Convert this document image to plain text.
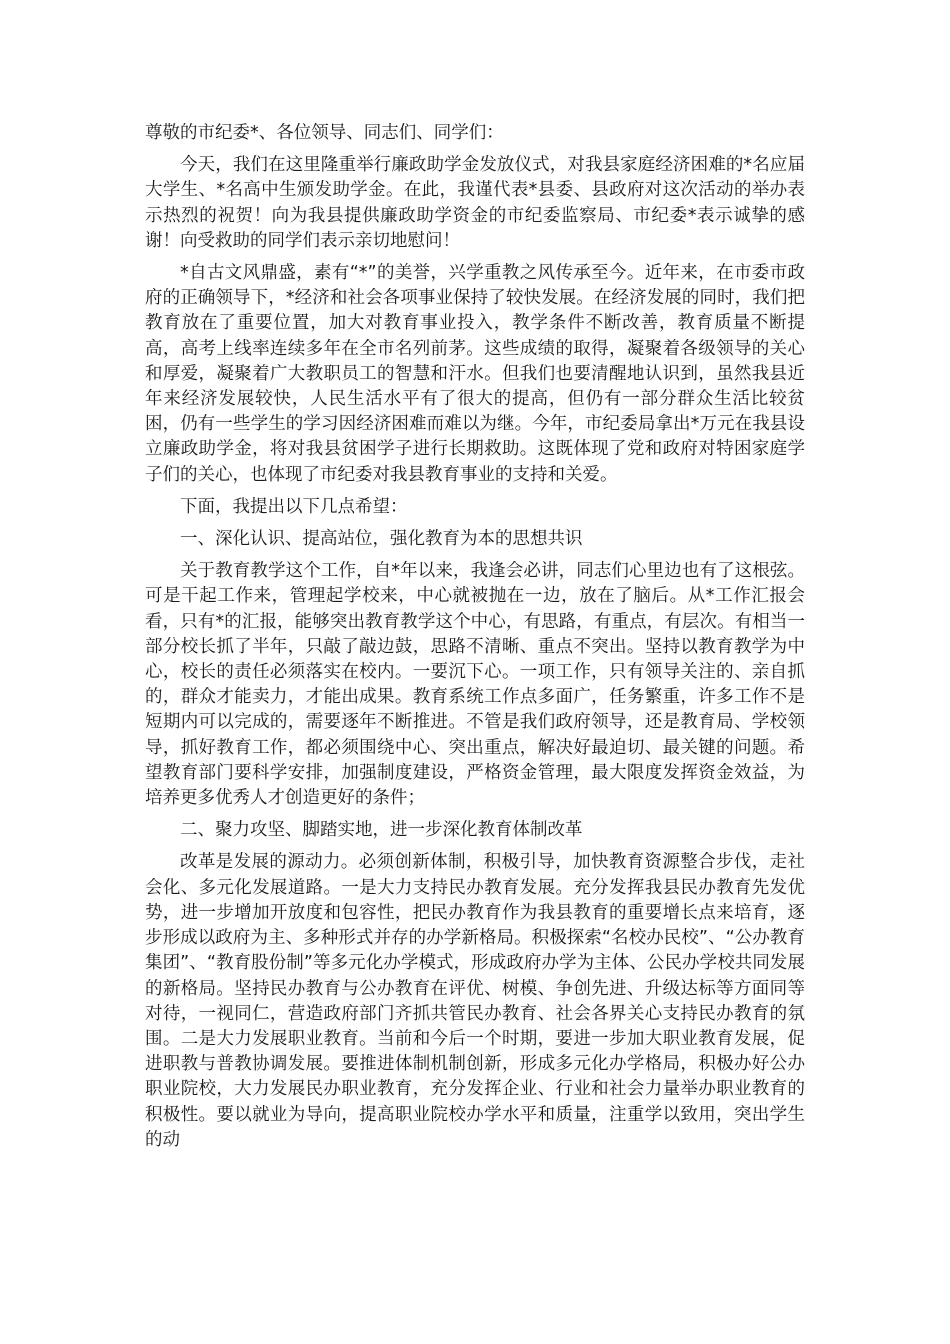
尊敬的市纪委*、各位领导、同志们、同学们：

今天，我们在这里隆重举行廉政助学金发放仪式，对我县家庭经济困难的*名应届大学生、*名高中生颁发助学金。在此，我谨代表*县委、县政府对这次活动的举办表示热烈的祝贺！向为我县提供廉政助学资金的市纪委监察局、市纪委*表示诚挚的感谢！向受救助的同学们表示亲切地慰问！

*自古文风鼎盛，素有“*”的美誉，兴学重教之风传承至今。近年来，在市委市政府的正确领导下，*经济和社会各项事业保持了较快发展。在经济发展的同时，我们把教育放在了重要位置，加大对教育事业投入，教学条件不断改善，教育质量不断提高，高考上线率连续多年在全市名列前茅。这些成绩的取得，凝聚着各级领导的关心和厚爱，凝聚着广大教职员工的智慧和汗水。但我们也要清醒地认识到，虽然我县近年来经济发展较快，人民生活水平有了很大的提高，但仍有一部分群众生活比较贫困，仍有一些学生的学习因经济困难而难以为继。今年，市纪委局拿出*万元在我县设立廉政助学金，将对我县贫困学子进行长期救助。这既体现了党和政府对特困家庭学子们的关心，也体现了市纪委对我县教育事业的支持和关爱。

下面，我提出以下几点希望：

一、深化认识、提高站位，强化教育为本的思想共识

关于教育教学这个工作，自*年以来，我逢会必讲，同志们心里边也有了这根弦。可是干起工作来，管理起学校来，中心就被抛在一边，放在了脑后。从*工作汇报会看，只有*的汇报，能够突出教育教学这个中心，有思路，有重点，有层次。有相当一部分校长抓了半年，只敲了敲边鼓，思路不清晰、重点不突出。坚持以教育教学为中心，校长的责任必须落实在校内。一要沉下心。一项工作，只有领导关注的、亲自抓的，群众才能卖力，才能出成果。教育系统工作点多面广，任务繁重，许多工作不是短期内可以完成的，需要逐年不断推进。不管是我们政府领导，还是教育局、学校领导，抓好教育工作，都必须围绕中心、突出重点，解决好最迫切、最关键的问题。希望教育部门要科学安排，加强制度建设，严格资金管理，最大限度发挥资金效益，为培养更多优秀人才创造更好的条件；

二、聚力攻坚、脚踏实地，进一步深化教育体制改革

改革是发展的源动力。必须创新体制，积极引导，加快教育资源整合步伐，走社会化、多元化发展道路。一是大力支持民办教育发展。充分发挥我县民办教育先发优势，进一步增加开放度和包容性，把民办教育作为我县教育的重要增长点来培育，逐步形成以政府为主、多种形式并存的办学新格局。积极探索“名校办民校”、“公办教育集团”、“教育股份制”等多元化办学模式，形成政府办学为主体、公民办学校共同发展的新格局。坚持民办教育与公办教育在评优、树模、争创先进、升级达标等方面同等对待，一视同仁，营造政府部门齐抓共管民办教育、社会各界关心支持民办教育的氛围。二是大力发展职业教育。当前和今后一个时期，要进一步加大职业教育发展，促进职教与普教协调发展。要推进体制机制创新，形成多元化办学格局，积极办好公办职业院校，大力发展民办职业教育，充分发挥企业、行业和社会力量举办职业教育的积极性。要以就业为导向，提高职业院校办学水平和质量，注重学以致用，突出学生的动
